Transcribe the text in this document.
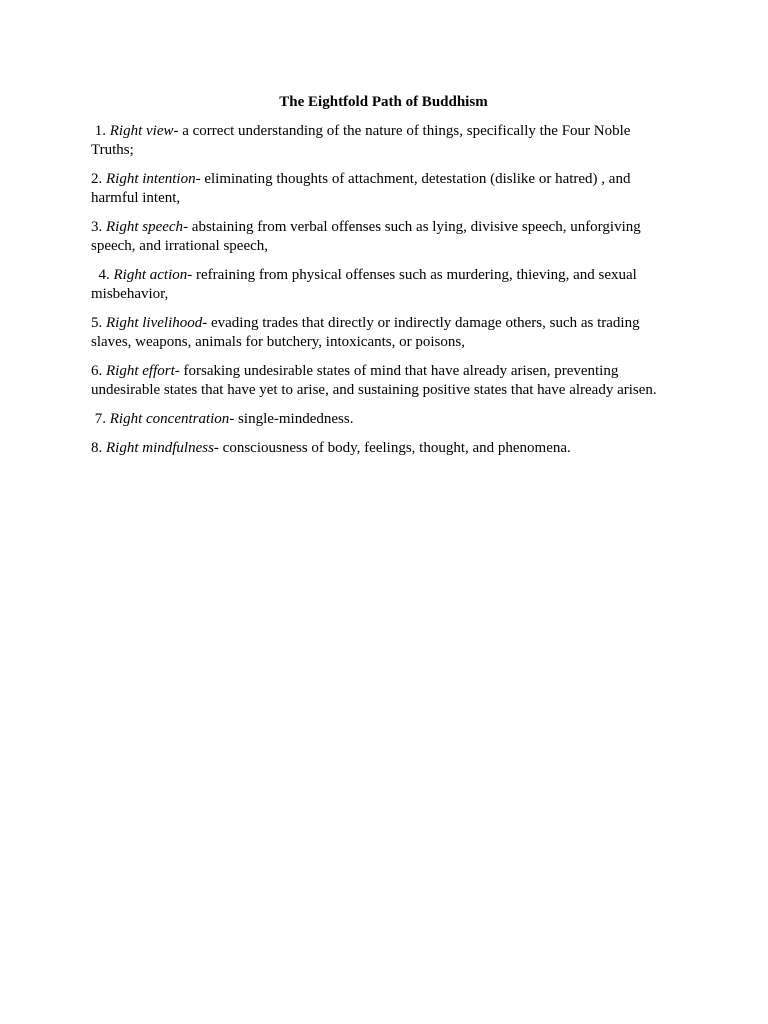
The Eightfold Path of Buddhism

1. Right view- a correct understanding of the nature of things, specifically the Four Noble Truths;

2. Right intention- eliminating thoughts of attachment, detestation (dislike or hatred) , and harmful intent,

3. Right speech- abstaining from verbal offenses such as lying, divisive speech, unforgiving speech, and irrational speech,

4. Right action- refraining from physical offenses such as murdering, thieving, and sexual misbehavior,

5. Right livelihood- evading trades that directly or indirectly damage others, such as trading slaves, weapons, animals for butchery, intoxicants, or poisons,

6. Right effort- forsaking undesirable states of mind that have already arisen, preventing undesirable states that have yet to arise, and sustaining positive states that have already arisen.

7. Right concentration- single-mindedness.

8. Right mindfulness- consciousness of body, feelings, thought, and phenomena.
